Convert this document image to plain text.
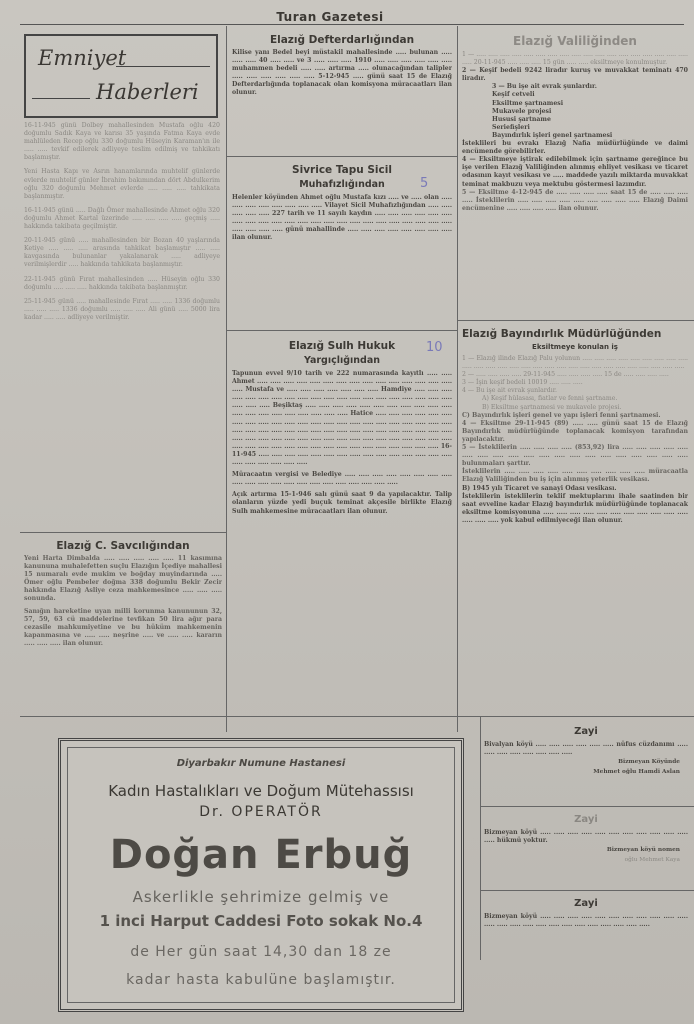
Turan Gazetesi
Emniyet
Haberleri

16-11-945 günü Dolbey mahallesinden Mustafa oğlu 420 doğumlu Sadık Kaya ve karısı 35 yaşında Fatma Kaya evde mahlüleden Recep oğlu 330 doğumlu Hüseyin Karaman'ın ile ..... ..... tevkif edilerek adliyeye teslim edilmiş ve tahkikatı başlamıştır.

Yeni Hasta Kapı ve Asrın hanamlarında muhtelif günlerde evlerde muhtelif günler İbrahim bakımından dört Abdulkerim oğlu 320 doğumlu Mehmet evlerde ..... ..... ..... tahkikata başlanmıştır.

16-11-945 günü ..... Dağlı Ömer mahallesinde Ahmet oğlu 320 doğumlu Ahmet Kartal üzerinde ..... ..... ..... ..... geçmiş ..... hakkında takibata geçilmiştir.

20-11-945 günü ..... mahallesinden bir Bozan 40 yaşlarında Ketiye ..... ..... ..... arasında tahkikat başlamıştır ..... ..... kavgasında bulunanlar yakalanarak ..... adliyeye verilmişlerdir ..... hakkında tahkikata başlanmıştır.

22-11-945 günü Fırat mahallesinden ..... Hüseyin oğlu 330 doğumlu ..... ..... ..... hakkında takibata başlanmıştır.

25-11-945 günü ..... mahallesinde Fırat ..... ..... 1336 doğumlu ..... ..... ..... 1336 doğumlu ..... ..... ..... Ali günü ..... 5000 lira kadar ..... ..... adliyeye verilmiştir.

Elazığ C. Savcılığından

Yeni Harta Dimbalda ..... ..... ..... ..... ..... 11 kasımına kanununa muhalefetten suçlu Elazığın İçediye mahallesi 15 numaralı evde mukim ve boğday muyindarında ..... Ömer oğlu Pembeler doğma 338 doğumlu Bekir Zecir hakkında Elazığ Asliye ceza mahkemesince ..... ..... ..... sonunda.

Sanığın hareketine uyan milli korunma kanununun 32, 57, 59, 63 cü maddelerine tevfikan 50 lira ağır para cezasile mahkumiyetine ve bu hüküm mahkemenin kapanmasına ve ..... ..... neşrine ..... ve ..... ..... kararın ..... ..... ..... ilan olunur.

Elazığ Defterdarlığından

Kilise yanı Bedel beyi müstakil mahallesinde ..... bulunan ..... ..... ..... 40 ..... ..... ve 3 ..... ..... ..... 1910 ..... ..... ..... ..... ..... ..... muhammen bedeli ..... ..... artırma ..... olunacağından talipler ..... ..... ..... ..... ..... ..... 5-12-945 ..... günü saat 15 de Elazığ Defterdarlığında toplanacak olan komisyona müracaatları ilan olunur.

Sivrice Tapu Sicil
Muhafızlığından

Helenler köyünden Ahmet oğlu Mustafa kızı ..... ve ..... olan ..... ..... ..... ..... ..... ..... ..... ..... Vilayet Sicil Muhafızlığından ..... ..... ..... ..... ..... 227 tarih ve 11 sayılı kaydın ..... ..... ..... ..... ..... ..... ..... ..... ..... ..... ..... ..... ..... ..... ..... ..... ..... ..... ..... ..... ..... ..... ..... ..... ..... ..... ..... günü mahallinde ..... ..... ..... ..... ..... ..... ..... ..... ilan olunur.

5
Elazığ Sulh Hukuk
Yargıçlığından

Tapunun evvel 9/10 tarih ve 222 numarasında kayıtlı ..... ..... Ahmet ..... ..... ..... ..... ..... ..... ..... ..... ..... ..... ..... ..... ..... ..... ..... ..... Mustafa ve ..... ..... ..... ..... ..... ..... ..... Hamdiye ..... ..... ..... ..... ..... ..... ..... ..... ..... ..... ..... ..... ..... ..... ..... ..... ..... ..... ..... ..... ..... ..... ..... Beşiktaş ..... ..... ..... ..... ..... ..... ..... ..... ..... ..... ..... ..... ..... ..... ..... ..... ..... ..... ..... ..... Hatice ..... ..... ..... ..... ..... ..... ..... ..... ..... ..... ..... ..... ..... ..... ..... ..... ..... ..... ..... ..... ..... ..... ..... ..... ..... ..... ..... ..... ..... ..... ..... ..... ..... ..... ..... ..... ..... ..... ..... ..... ..... ..... ..... ..... ..... ..... ..... ..... ..... ..... ..... ..... ..... ..... ..... ..... ..... ..... ..... ..... ..... ..... ..... ..... ..... ..... ..... ..... ..... ..... ..... ..... ..... 16-11-945 ..... ..... ..... ..... ..... ..... ..... ..... ..... ..... ..... ..... ..... ..... ..... ..... ..... ..... ..... ..... .....

Müracaatın vergisi ve Belediye ..... ..... ..... ..... ..... ..... ..... ..... ..... ..... ..... ..... ..... ..... ..... ..... ..... ..... ..... ..... .....

Açık artırma 15-1-946 salı günü saat 9 da yapılacaktır. Talip olanların yüzde yedi buçuk teminat akçesile birlikte Elazığ Sulh mahkemesine müracaatları ilan olunur.

10
Elazığ Valiliğinden

1 — ..... ..... ..... ..... ..... ..... ..... ..... ..... ..... ..... ..... ..... ..... ..... ..... ..... ..... ..... 20-11-945 ..... ..... ..... 15 gün ..... ..... eksiltmeye konulmuştur.

2 — Keşif bedeli 9242 liradır kuruş ve muvakkat teminatı 470 liradır.

3 — Bu işe ait evrak şunlardır.

Keşif cetveli

Eksiltme şartnamesi

Mukavele projesi

Hususi şartname

Seriefişleri

Bayındırlık işleri genel şartnamesi

İsteklileri bu evrakı Elazığ Nafia müdürlüğünde ve daimi encümende görebilirler.

4 — Eksiltmeye iştirak edilebilmek için şartname gereğince bu işe verilen Elazığ Valiliğinden alınmış ehliyet vesikası ve ticaret odasının kayıt vesikası ve ..... maddede yazılı miktarda muvakkat teminat makbuzu veya mektubu göstermesi lazımdır.

5 — Eksiltme 4-12-945 de ..... ..... ..... ..... saat 15 de ..... ..... ..... ..... İsteklilerin ..... ..... ..... ..... ..... ..... ..... ..... ..... Elazığ Daimi encümenine ..... ..... ..... ..... ilan olunur.

Elazığ Bayındırlık Müdürlüğünden
Eksiltmeye konulan iş

1 — Elazığ ilinde Elazığ Palu yolunun ..... ..... ..... ..... ..... ..... ..... ..... ..... ..... ..... ..... ..... ..... ..... ..... ..... ..... ..... ..... ..... ..... ..... ..... ..... ..... ..... .....

2 — ..... ..... ..... ..... 29-11-945 ..... ..... ..... ..... 15 de ..... ..... ..... .....

3 — İşin keşif bedeli 10019 ..... ..... .....

4 — Bu işe ait evrak şunlardır.

A) Keşif hülasası, fiatlar ve fenni şartname.

B) Eksiltme şartnamesi ve mukavele projesi.

C) Bayındırlık işleri genel ve yapı işleri fenni şartnamesi.

4 — Eksiltme 29-11-945 (89) ..... ..... günü saat 15 de Elazığ Bayındırlık müdürlüğünde toplanacak komisyon tarafından yapılacaktır.

5 — İsteklilerin ..... ..... ..... ..... (853,92) lira ..... ..... ..... ..... ..... ..... ..... ..... ..... ..... ..... ..... ..... ..... ..... ..... ..... ..... ..... ..... bulunmaları şarttır.

İsteklilerin ..... ..... ..... ..... ..... ..... ..... ..... ..... ..... müracaatla Elazığ Valiliğinden bu iş için alınmış yeterlik vesikası.

B) 1945 yılı Ticaret ve sanayi Odası vesikası.

İsteklilerin isteklilerin teklif mektuplarını ihale saatinden bir saat evveline kadar Elazığ bayındırlık müdürlüğünde toplanacak eksiltme komisyonuna ..... ..... ..... ..... ..... ..... ..... ..... ..... ..... ..... ..... ..... ..... yok kabul edilmiyeceği ilan olunur.

Zayi

Bivalyan köyü ..... ..... ..... ..... ..... ..... nüfus cüzdanımı ..... ..... ..... ..... ..... ..... ..... .....

Bizmeyan Köyünde
Mehmet oğlu Hamdi Aslan
Zayi

Bizmeyan köyü ..... ..... ..... ..... ..... ..... ..... ..... ..... ..... ..... ..... hükmü yoktur.

Bizmeyan köyü nomen
oğlu Mehmet Kaya
Zayi

Bizmeyan köyü ..... ..... ..... ..... ..... ..... ..... ..... ..... ..... ..... ..... ..... ..... ..... ..... ..... ..... ..... ..... ..... ..... ..... .....

Diyarbakır Numune Hastanesi
Kadın Hastalıkları ve Doğum Mütehassısı
Dr. OPERATÖR
Doğan Erbuğ
Askerlikle şehrimize gelmiş ve
1 inci Harput Caddesi Foto sokak No.4
de Her gün saat 14,30 dan 18 ze
kadar hasta kabulüne başlamıştır.
